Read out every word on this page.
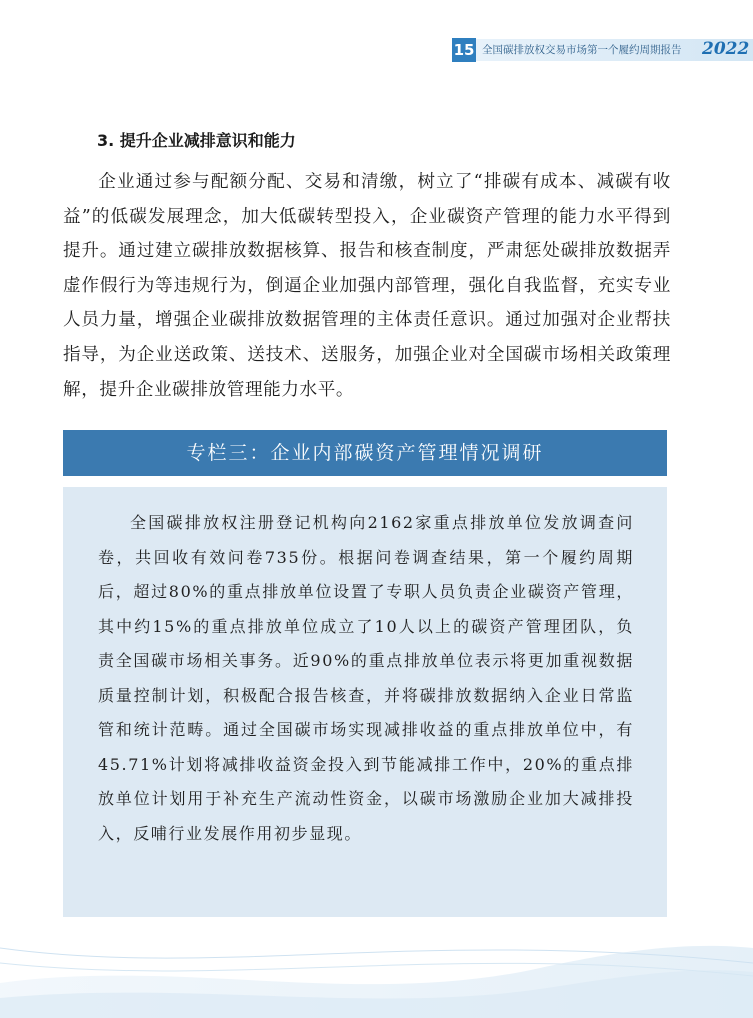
15 全国碳排放权交易市场第一个履约周期报告 2022
3. 提升企业减排意识和能力

企业通过参与配额分配、交易和清缴，树立了“排碳有成本、减碳有收益”的低碳发展理念，加大低碳转型投入，企业碳资产管理的能力水平得到提升。通过建立碳排放数据核算、报告和核查制度，严肃惩处碳排放数据弄虚作假行为等违规行为，倒逼企业加强内部管理，强化自我监督，充实专业人员力量，增强企业碳排放数据管理的主体责任意识。通过加强对企业帮扶指导，为企业送政策、送技术、送服务，加强企业对全国碳市场相关政策理解，提升企业碳排放管理能力水平。

专栏三：企业内部碳资产管理情况调研

全国碳排放权注册登记机构向2162家重点排放单位发放调查问卷，共回收有效问卷735份。根据问卷调查结果，第一个履约周期后，超过80%的重点排放单位设置了专职人员负责企业碳资产管理，其中约15%的重点排放单位成立了10人以上的碳资产管理团队，负责全国碳市场相关事务。近90%的重点排放单位表示将更加重视数据质量控制计划，积极配合报告核查，并将碳排放数据纳入企业日常监管和统计范畴。通过全国碳市场实现减排收益的重点排放单位中，有45.71%计划将减排收益资金投入到节能减排工作中，20%的重点排放单位计划用于补充生产流动性资金，以碳市场激励企业加大减排投入，反哺行业发展作用初步显现。
